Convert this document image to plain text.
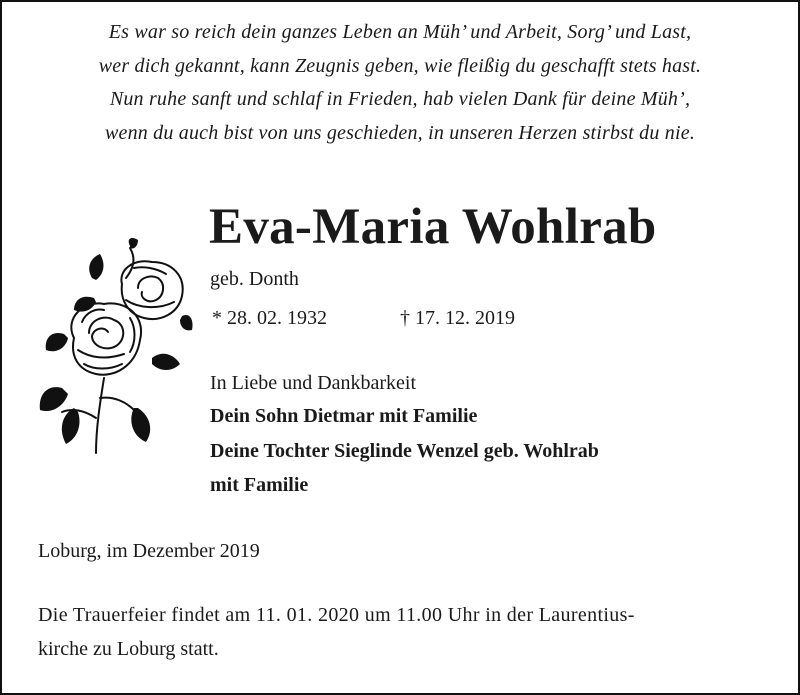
Es war so reich dein ganzes Leben an Müh’ und Arbeit, Sorg’ und Last,
wer dich gekannt, kann Zeugnis geben, wie fleißig du geschafft stets hast.
Nun ruhe sanft und schlaf in Frieden, hab vielen Dank für deine Müh’,
wenn du auch bist von uns geschieden, in unseren Herzen stirbst du nie.
Eva-Maria Wohlrab
geb. Donth
* 28. 02. 1932	† 17. 12. 2019
In Liebe und Dankbarkeit
Dein Sohn Dietmar mit Familie
Deine Tochter Sieglinde Wenzel geb. Wohlrab
mit Familie
Loburg, im Dezember 2019
Die Trauerfeier findet am 11. 01. 2020 um 11.00 Uhr in der Laurentius-
kirche zu Loburg statt.
